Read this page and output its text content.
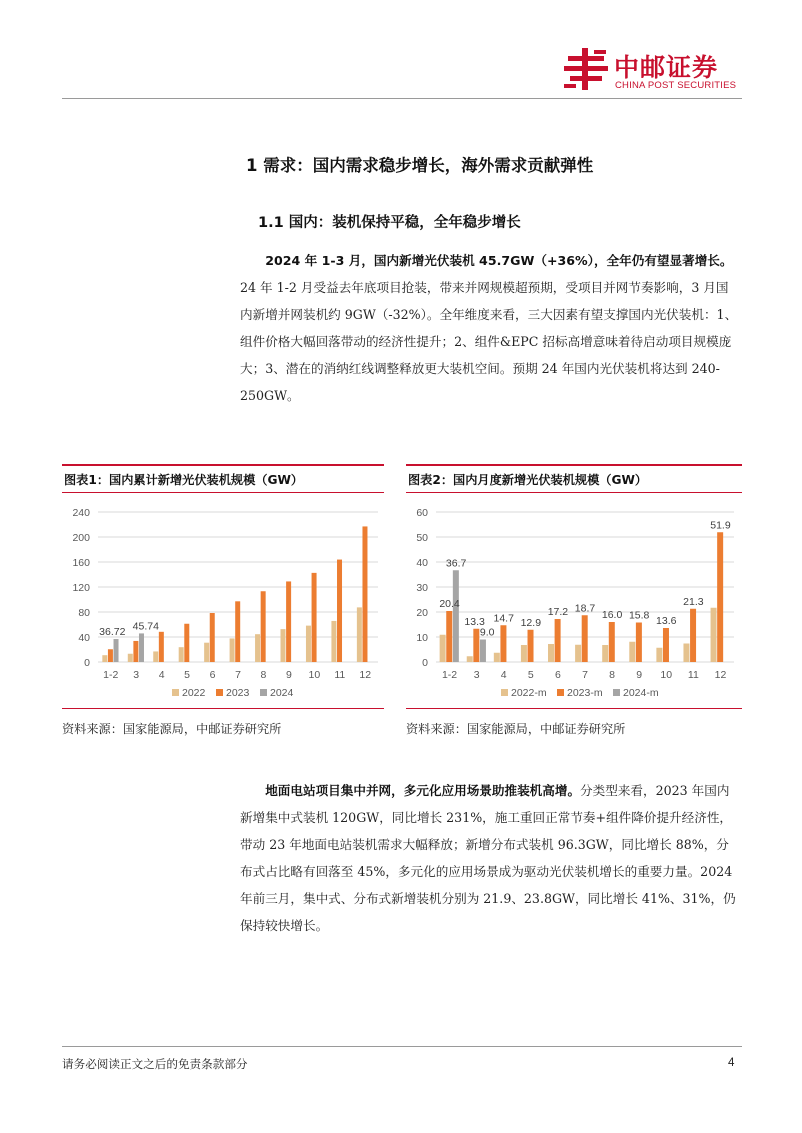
中邮证券
CHINA POST SECURITIES
1 需求：国内需求稳步增长，海外需求贡献弹性
1.1 国内：装机保持平稳，全年稳步增长
2024 年 1-3 月，国内新增光伏装机 45.7GW（+36%），全年仍有望显著增长。24 年 1-2 月受益去年底项目抢装，带来并网规模超预期，受项目并网节奏影响，3 月国内新增并网装机约 9GW（-32%）。全年维度来看，三大因素有望支撑国内光伏装机：1、组件价格大幅回落带动的经济性提升；2、组件&EPC 招标高增意味着待启动项目规模庞大；3、潜在的消纳红线调整释放更大装机空间。预期 24 年国内光伏装机将达到 240-250GW。
图表1：国内累计新增光伏装机规模（GW）
0
40
80
120
160
200
240
1-2 3 4 5 6 7 8 9 10 11 12
36.72 45.74
2022 2023 2024
图表2：国内月度新增光伏装机规模（GW）
0
10
20
30
40
50
60
1-2 3 4 5 6 7 8 9 10 11 12
20.4
36.7
13.3
9.0
14.7 12.9
17.2 18.7
16.0 15.8 13.6
21.3
51.9
2022-m 2023-m 2024-m
资料来源：国家能源局，中邮证券研究所	资料来源：国家能源局，中邮证券研究所
地面电站项目集中并网，多元化应用场景助推装机高增。分类型来看，2023 年国内新增集中式装机 120GW，同比增长 231%，施工重回正常节奏+组件降价提升经济性，带动 23 年地面电站装机需求大幅释放；新增分布式装机 96.3GW，同比增长 88%，分布式占比略有回落至 45%，多元化的应用场景成为驱动光伏装机增长的重要力量。2024 年前三月，集中式、分布式新增装机分别为 21.9、23.8GW，同比增长 41%、31%，仍保持较快增长。
请务必阅读正文之后的免责条款部分	4
